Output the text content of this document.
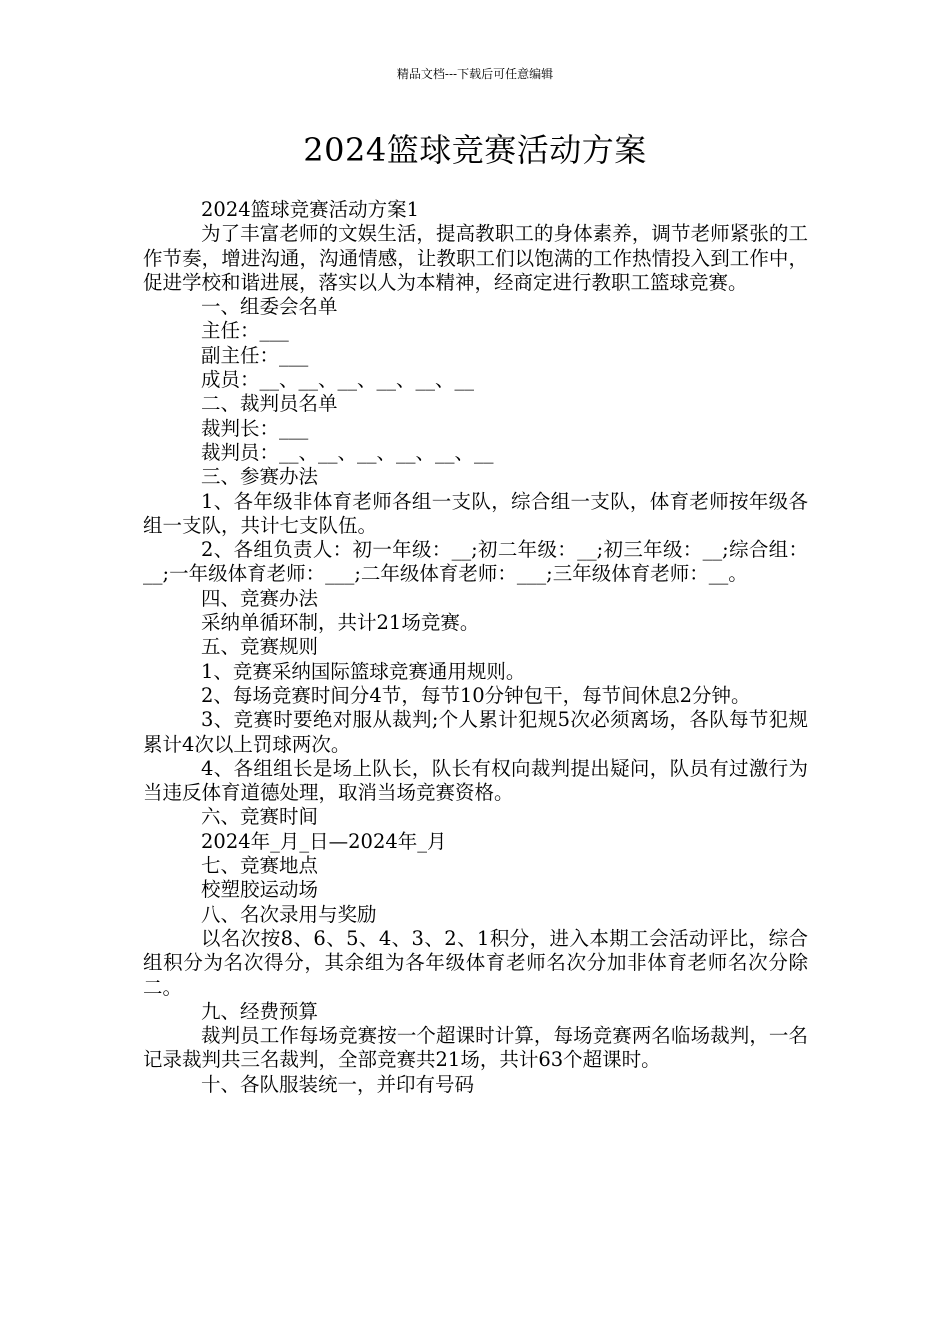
精品文档---下载后可任意编辑
2024篮球竞赛活动方案
2024篮球竞赛活动方案1
为了丰富老师的文娱生活，提高教职工的身体素养，调节老师紧张的工作节奏，增进沟通，沟通情感，让教职工们以饱满的工作热情投入到工作中，促进学校和谐进展，落实以人为本精神，经商定进行教职工篮球竞赛。
一、组委会名单
主任：___
副主任：___
成员：__、__、__、__、__、__
二、裁判员名单
裁判长：___
裁判员：__、__、__、__、__、__
三、参赛办法
1、各年级非体育老师各组一支队，综合组一支队，体育老师按年级各组一支队，共计七支队伍。
2、各组负责人：初一年级：__;初二年级：__;初三年级：__;综合组：__;一年级体育老师：___;二年级体育老师：___;三年级体育老师：__。
四、竞赛办法
采纳单循环制，共计21场竞赛。
五、竞赛规则
1、竞赛采纳国际篮球竞赛通用规则。
2、每场竞赛时间分4节，每节10分钟包干，每节间休息2分钟。
3、竞赛时要绝对服从裁判;个人累计犯规5次必须离场，各队每节犯规累计4次以上罚球两次。
4、各组组长是场上队长，队长有权向裁判提出疑问，队员有过激行为当违反体育道德处理，取消当场竞赛资格。
六、竞赛时间
2024年_月_日—2024年_月
七、竞赛地点
校塑胶运动场
八、名次录用与奖励
以名次按8、6、5、4、3、2、1积分，进入本期工会活动评比，综合组积分为名次得分，其余组为各年级体育老师名次分加非体育老师名次分除二。
九、经费预算
裁判员工作每场竞赛按一个超课时计算，每场竞赛两名临场裁判，一名记录裁判共三名裁判，全部竞赛共21场，共计63个超课时。
十、各队服装统一，并印有号码
